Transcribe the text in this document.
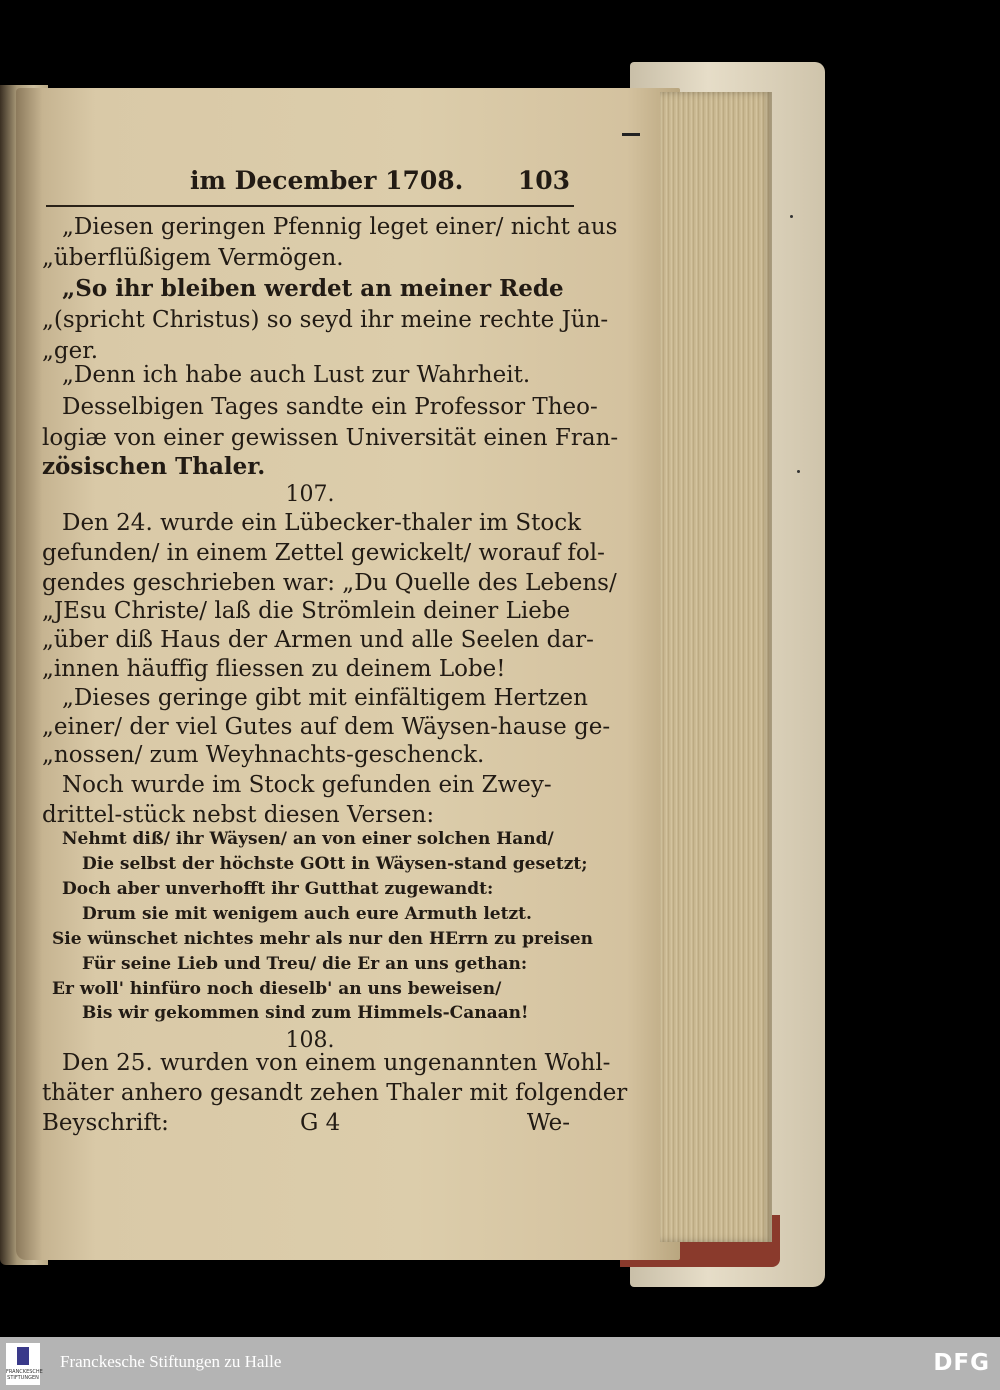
im December 1708. 103
„Diesen geringen Pfennig leget einer/ nicht aus
„überflüßigem Vermögen.
„So ihr bleiben werdet an meiner Rede
„(spricht Christus) so seyd ihr meine rechte Jün-
„ger.
„Denn ich habe auch Lust zur Wahrheit.
Desselbigen Tages sandte ein Professor Theo-
logiæ von einer gewissen Universität einen Fran-
zösischen Thaler.
107.
Den 24. wurde ein Lübecker-thaler im Stock
gefunden/ in einem Zettel gewickelt/ worauf fol-
gendes geschrieben war: „Du Quelle des Lebens/
„JEsu Christe/ laß die Strömlein deiner Liebe
„über diß Haus der Armen und alle Seelen dar-
„innen häuffig fliessen zu deinem Lobe!
„Dieses geringe gibt mit einfältigem Hertzen
„einer/ der viel Gutes auf dem Wäysen-hause ge-
„nossen/ zum Weyhnachts-geschenck.
Noch wurde im Stock gefunden ein Zwey-
drittel-stück nebst diesen Versen:
Nehmt diß/ ihr Wäysen/ an von einer solchen Hand/
Die selbst der höchste GOtt in Wäysen-stand gesetzt;
Doch aber unverhofft ihr Gutthat zugewandt:
Drum sie mit wenigem auch eure Armuth letzt.
Sie wünschet nichtes mehr als nur den HErrn zu preisen
Für seine Lieb und Treu/ die Er an uns gethan:
Er woll' hinfüro noch dieselb' an uns beweisen/
Bis wir gekommen sind zum Himmels-Canaan!
108.
Den 25. wurden von einem ungenannten Wohl-
thäter anhero gesandt zehen Thaler mit folgender
Beyschrift:	G 4	We-
FRANCKESCHE STIFTUNGEN
Franckesche Stiftungen zu Halle	DFG
